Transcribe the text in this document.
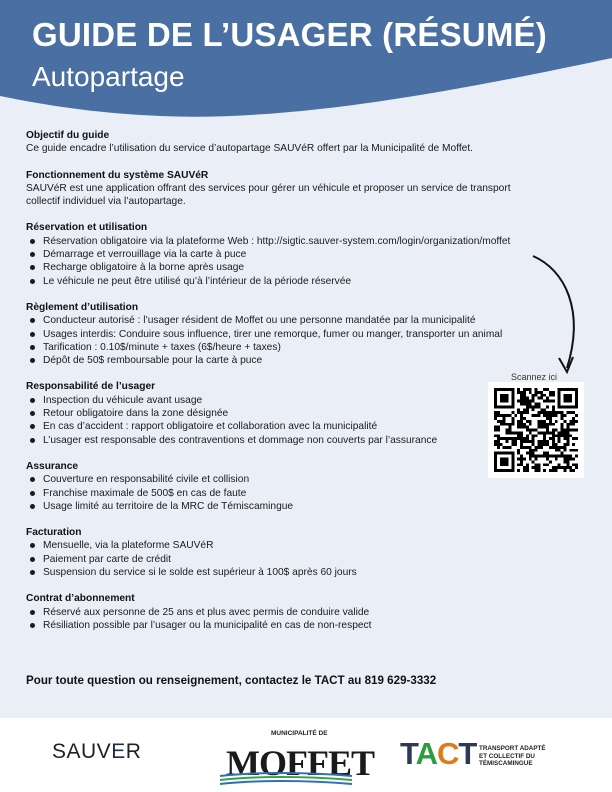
GUIDE DE L’USAGER (RÉSUMÉ)
Autopartage
Objectif du guide

Ce guide encadre l’utilisation du service d’autopartage SAUVéR offert par la Municipalité de Moffet.

Fonctionnement du système SAUVéR

SAUVéR est une application offrant des services pour gérer un véhicule et proposer un service de transport collectif individuel via l’autopartage.

Réservation et utilisation
Réservation obligatoire via la plateforme Web : http://sigtic.sauver-system.com/login/organization/moffet
Démarrage et verrouillage via la carte à puce
Recharge obligatoire à la borne après usage
Le véhicule ne peut être utilisé qu’à l’intérieur de la période réservée
Règlement d’utilisation
Conducteur autorisé : l’usager résident de Moffet ou une personne mandatée par la municipalité
Usages interdis: Conduire sous influence, tirer une remorque, fumer ou manger, transporter un animal
Tarification : 0.10$/minute + taxes (6$/heure + taxes)
Dépôt de 50$ remboursable pour la carte à puce
Responsabilité de l’usager
Inspection du véhicule avant usage
Retour obligatoire dans la zone désignée
En cas d’accident : rapport obligatoire et collaboration avec la municipalité
L’usager est responsable des contraventions et dommage non couverts par l’assurance
Assurance
Couverture en responsabilité civile et collision
Franchise maximale de 500$ en cas de faute
Usage limité au territoire de la MRC de Témiscamingue
Facturation
Mensuelle, via la plateforme SAUVéR
Paiement par carte de crédit
Suspension du service si le solde est supérieur à 100$ après 60 jours
Contrat d’abonnement
Réservé aux personne de 25 ans et plus avec permis de conduire valide
Résiliation possible par l’usager ou la municipalité en cas de non-respect
Pour toute question ou renseignement, contactez le TACT au 819 629-3332
Scannez ici
SAUVER
MUNICIPALITÉ DE
MOFFET TACT TRANSPORT ADAPTÉ
ET COLLECTIF DU
TÉMISCAMINGUE
